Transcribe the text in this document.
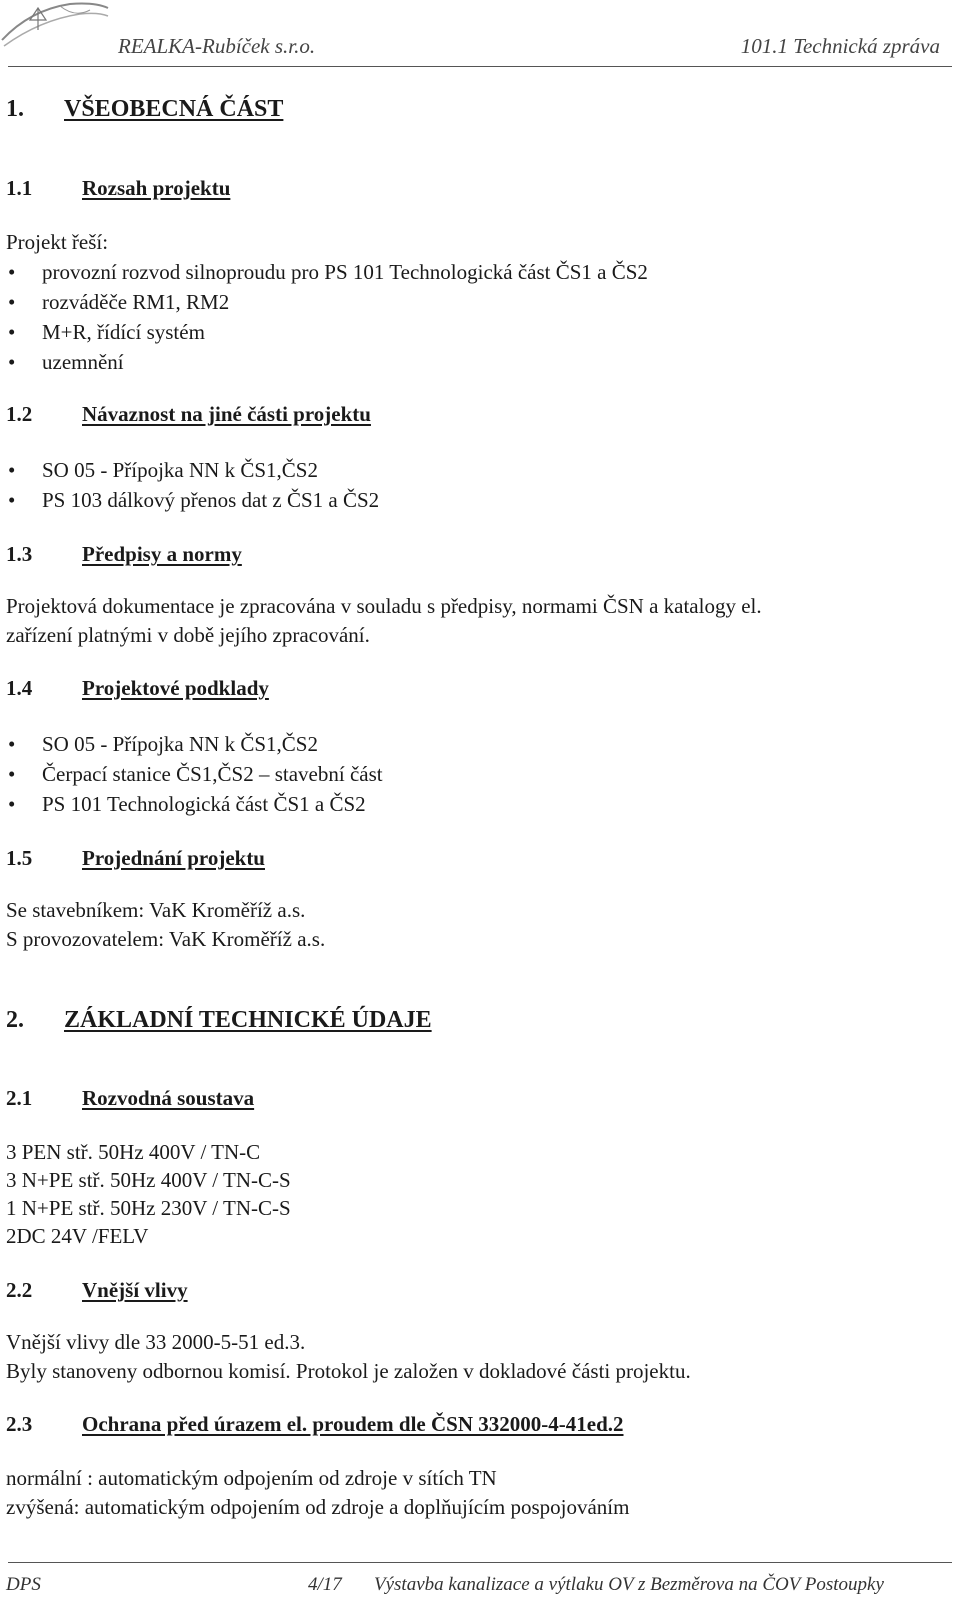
REALKA-Rubíček s.r.o.	101.1 Technická zpráva
1. VŠEOBECNÁ ČÁST
1.1 Rozsah projektu
Projekt řeší:
• provozní rozvod silnoproudu pro PS 101 Technologická část ČS1 a ČS2
• rozváděče RM1, RM2
• M+R, řídící systém
• uzemnění
1.2 Návaznost na jiné části projektu
• SO 05 - Přípojka NN k ČS1,ČS2
• PS 103 dálkový přenos dat z ČS1 a ČS2
1.3 Předpisy a normy
Projektová dokumentace je zpracována v souladu s předpisy, normami ČSN a katalogy el.
zařízení platnými v době jejího zpracování.
1.4 Projektové podklady
• SO 05 - Přípojka NN k ČS1,ČS2
• Čerpací stanice ČS1,ČS2 – stavební část
• PS 101 Technologická část ČS1 a ČS2
1.5 Projednání projektu
Se stavebníkem: VaK Kroměříž a.s.
S provozovatelem: VaK Kroměříž a.s.
2. ZÁKLADNÍ TECHNICKÉ ÚDAJE
2.1 Rozvodná soustava
3 PEN stř. 50Hz 400V / TN-C
3 N+PE stř. 50Hz 400V / TN-C-S
1 N+PE stř. 50Hz 230V / TN-C-S
2DC 24V /FELV
2.2 Vnější vlivy
Vnější vlivy dle 33 2000-5-51 ed.3.
Byly stanoveny odbornou komisí. Protokol je založen v dokladové části projektu.
2.3 Ochrana před úrazem el. proudem dle ČSN 332000-4-41ed.2
normální : automatickým odpojením od zdroje v sítích TN
zvýšená: automatickým odpojením od zdroje a doplňujícím pospojováním
DPS	4/17 Výstavba kanalizace a výtlaku OV z Bezměrova na ČOV Postoupky
